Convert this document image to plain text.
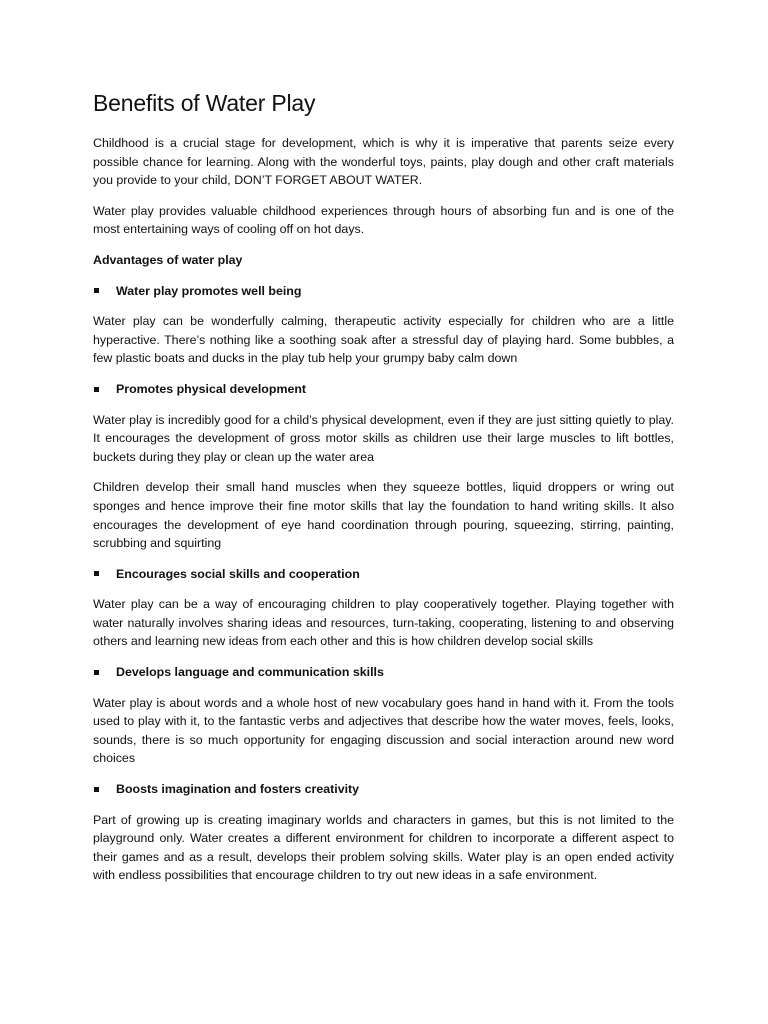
Benefits of Water Play

Childhood is a crucial stage for development, which is why it is imperative that parents seize every possible chance for learning. Along with the wonderful toys, paints, play dough and other craft materials you provide to your child, DON’T FORGET ABOUT WATER.

Water play provides valuable childhood experiences through hours of absorbing fun and is one of the most entertaining ways of cooling off on hot days.

Advantages of water play
Water play promotes well being

Water play can be wonderfully calming, therapeutic activity especially for children who are a little hyperactive. There’s nothing like a soothing soak after a stressful day of playing hard. Some bubbles, a few plastic boats and ducks in the play tub help your grumpy baby calm down

Promotes physical development

Water play is incredibly good for a child’s physical development, even if they are just sitting quietly to play. It encourages the development of gross motor skills as children use their large muscles to lift bottles, buckets during they play or clean up the water area

Children develop their small hand muscles when they squeeze bottles, liquid droppers or wring out sponges and hence improve their fine motor skills that lay the foundation to hand writing skills. It also encourages the development of eye hand coordination through pouring, squeezing, stirring, painting, scrubbing and squirting

Encourages social skills and cooperation

Water play can be a way of encouraging children to play cooperatively together. Playing together with water naturally involves sharing ideas and resources, turn-taking, cooperating, listening to and observing others and learning new ideas from each other and this is how children develop social skills

Develops language and communication skills

Water play is about words and a whole host of new vocabulary goes hand in hand with it. From the tools used to play with it, to the fantastic verbs and adjectives that describe how the water moves, feels, looks, sounds, there is so much opportunity for engaging discussion and social interaction around new word choices

Boosts imagination and fosters creativity

Part of growing up is creating imaginary worlds and characters in games, but this is not limited to the playground only. Water creates a different environment for children to incorporate a different aspect to their games and as a result, develops their problem solving skills. Water play is an open ended activity with endless possibilities that encourage children to try out new ideas in a safe environment.
